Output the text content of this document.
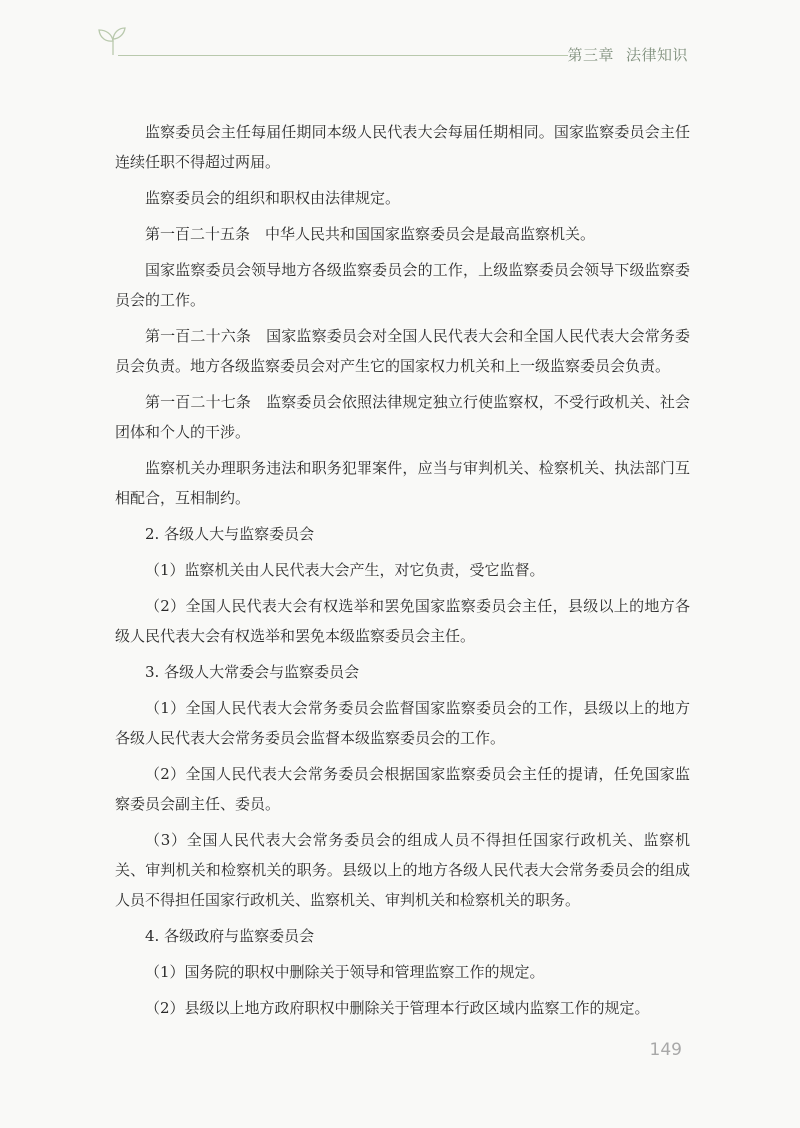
第三章 法律知识

监察委员会主任每届任期同本级人民代表大会每届任期相同。国家监察委员会主任连续任职不得超过两届。

监察委员会的组织和职权由法律规定。

第一百二十五条　中华人民共和国国家监察委员会是最高监察机关。

国家监察委员会领导地方各级监察委员会的工作，上级监察委员会领导下级监察委员会的工作。

第一百二十六条　国家监察委员会对全国人民代表大会和全国人民代表大会常务委员会负责。地方各级监察委员会对产生它的国家权力机关和上一级监察委员会负责。

第一百二十七条　监察委员会依照法律规定独立行使监察权，不受行政机关、社会团体和个人的干涉。

监察机关办理职务违法和职务犯罪案件，应当与审判机关、检察机关、执法部门互相配合，互相制约。

2. 各级人大与监察委员会

（1）监察机关由人民代表大会产生，对它负责，受它监督。

（2）全国人民代表大会有权选举和罢免国家监察委员会主任，县级以上的地方各级人民代表大会有权选举和罢免本级监察委员会主任。

3. 各级人大常委会与监察委员会

（1）全国人民代表大会常务委员会监督国家监察委员会的工作，县级以上的地方各级人民代表大会常务委员会监督本级监察委员会的工作。

（2）全国人民代表大会常务委员会根据国家监察委员会主任的提请，任免国家监察委员会副主任、委员。

（3）全国人民代表大会常务委员会的组成人员不得担任国家行政机关、监察机关、审判机关和检察机关的职务。县级以上的地方各级人民代表大会常务委员会的组成人员不得担任国家行政机关、监察机关、审判机关和检察机关的职务。

4. 各级政府与监察委员会

（1）国务院的职权中删除关于领导和管理监察工作的规定。

（2）县级以上地方政府职权中删除关于管理本行政区域内监察工作的规定。

149
